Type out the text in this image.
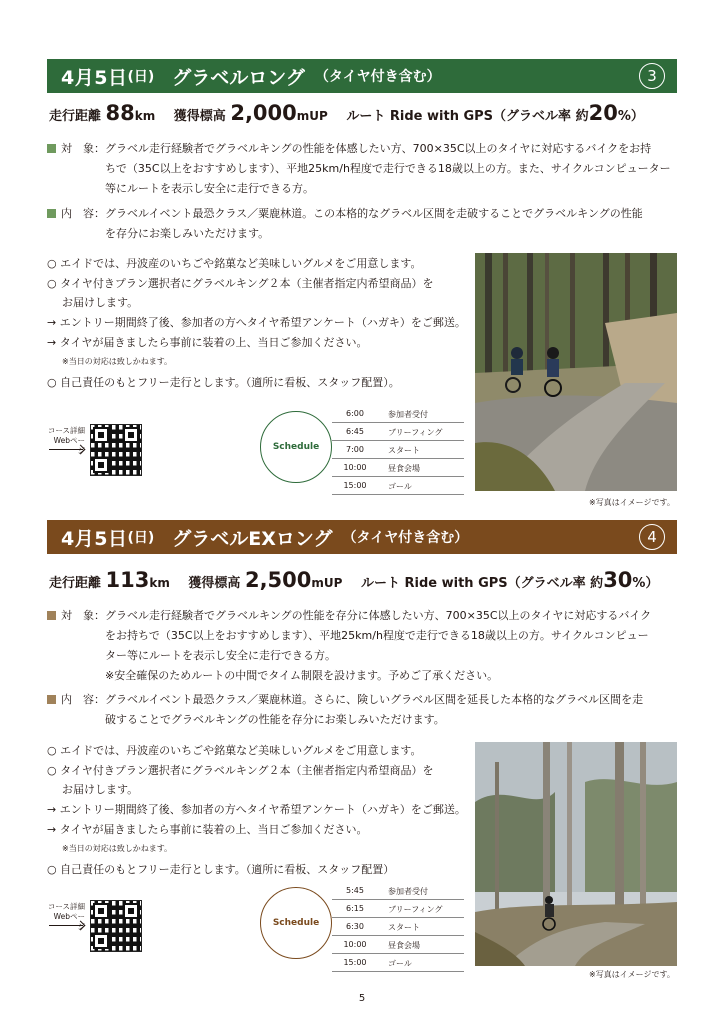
4月5日 (日) グラベルロング （タイヤ付き含む）	3
走行距離 88km 獲得標高 2,000mUP ルート Ride with GPS（グラベル率 約20%）
対　象： グラベル走行経験者でグラベルキングの性能を体感したい方、700×35C以上のタイヤに対応するバイクをお持
ちで（35C以上をおすすめします）、平地25km/h程度で走行できる18歳以上の方。また、サイクルコンピューター
等にルートを表示し安全に走行できる方。
内　容： グラベルイベント最恐クラス／粟鹿林道。この本格的なグラベル区間を走破することでグラベルキングの性能
を存分にお楽しみいただけます。
○ エイドでは、丹波産のいちごや銘菓など美味しいグルメをご用意します。
○ タイヤ付きプラン選択者にグラベルキング２本（主催者指定内希望商品）を
お届けします。
→ エントリー期間終了後、参加者の方へタイヤ希望アンケート（ハガキ）をご郵送。
→ タイヤが届きましたら事前に装着の上、当日ご参加ください。
※当日の対応は致しかねます。
○ 自己責任のもとフリー走行とします。（適所に看板、スタッフ配置）。
コース詳細
Webページ	Schedule
6:00	参加者受付
6:45	ブリーフィング
7:00	スタート
10:00	昼食会場
15:00	ゴール
※写真はイメージです。
4月5日 (日) グラベルEXロング （タイヤ付き含む）	4
走行距離 113km 獲得標高 2,500mUP ルート Ride with GPS（グラベル率 約30%）
対　象： グラベル走行経験者でグラベルキングの性能を存分に体感したい方、700×35C以上のタイヤに対応するバイク
をお持ちで（35C以上をおすすめします）、平地25km/h程度で走行できる18歳以上の方。サイクルコンピュー
ター等にルートを表示し安全に走行できる方。
※安全確保のためルートの中間でタイム制限を設けます。予めご了承ください。
内　容： グラベルイベント最恐クラス／粟鹿林道。さらに、険しいグラベル区間を延長した本格的なグラベル区間を走
破することでグラベルキングの性能を存分にお楽しみいただけます。
○ エイドでは、丹波産のいちごや銘菓など美味しいグルメをご用意します。
○ タイヤ付きプラン選択者にグラベルキング２本（主催者指定内希望商品）を
お届けします。
→ エントリー期間終了後、参加者の方へタイヤ希望アンケート（ハガキ）をご郵送。
→ タイヤが届きましたら事前に装着の上、当日ご参加ください。
※当日の対応は致しかねます。
○ 自己責任のもとフリー走行とします。（適所に看板、スタッフ配置）
コース詳細
Webページ	Schedule
5:45	参加者受付
6:15	ブリーフィング
6:30	スタート
10:00	昼食会場
15:00	ゴール
※写真はイメージです。
5
